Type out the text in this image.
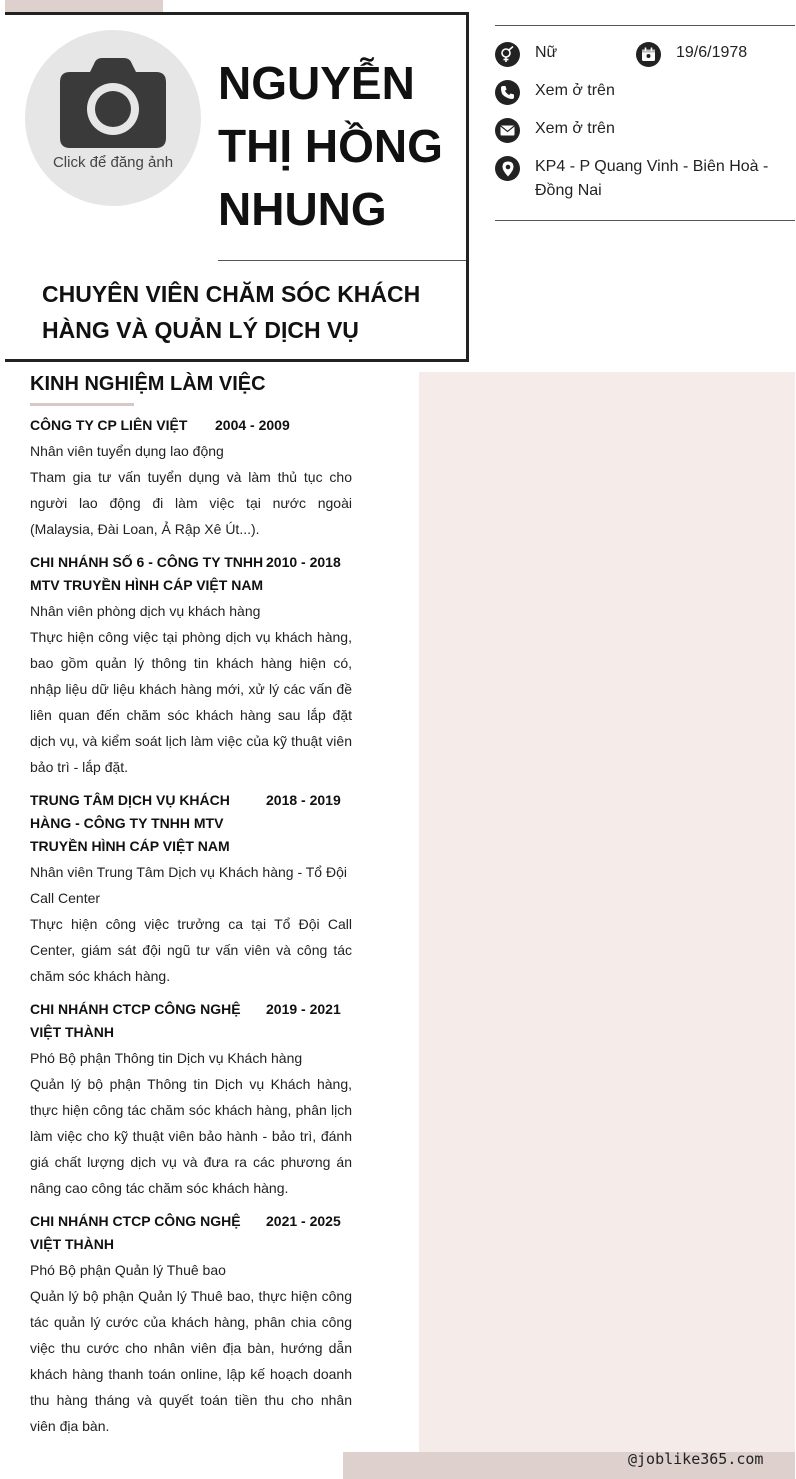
Click để đăng ảnh
NGUYỄN
THỊ HỒNG
NHUNG
CHUYÊN VIÊN CHĂM SÓC KHÁCH
HÀNG VÀ QUẢN LÝ DỊCH VỤ
Nữ	19/6/1978
Xem ở trên
Xem ở trên
KP4 - P Quang Vinh - Biên Hoà -
Đồng Nai
KINH NGHIỆM LÀM VIỆC
CÔNG TY CP LIÊN VIỆT	2004 - 2009
Nhân viên tuyển dụng lao động
Tham gia tư vấn tuyển dụng và làm thủ tục cho người lao động đi làm việc tại nước ngoài (Malaysia, Đài Loan, Ả Rập Xê Út...).
CHI NHÁNH SỐ 6 - CÔNG TY TNHH
MTV TRUYỀN HÌNH CÁP VIỆT NAM
2010 - 2018
Nhân viên phòng dịch vụ khách hàng
Thực hiện công việc tại phòng dịch vụ khách hàng, bao gồm quản lý thông tin khách hàng hiện có, nhập liệu dữ liệu khách hàng mới, xử lý các vấn đề liên quan đến chăm sóc khách hàng sau lắp đặt dịch vụ, và kiểm soát lịch làm việc của kỹ thuật viên bảo trì - lắp đặt.
TRUNG TÂM DỊCH VỤ KHÁCH
HÀNG - CÔNG TY TNHH MTV
TRUYỀN HÌNH CÁP VIỆT NAM
2018 - 2019
Nhân viên Trung Tâm Dịch vụ Khách hàng - Tổ Đội Call Center
Thực hiện công việc trưởng ca tại Tổ Đội Call Center, giám sát đội ngũ tư vấn viên và công tác chăm sóc khách hàng.
CHI NHÁNH CTCP CÔNG NGHỆ
VIỆT THÀNH
2019 - 2021
Phó Bộ phận Thông tin Dịch vụ Khách hàng
Quản lý bộ phận Thông tin Dịch vụ Khách hàng, thực hiện công tác chăm sóc khách hàng, phân lịch làm việc cho kỹ thuật viên bảo hành - bảo trì, đánh giá chất lượng dịch vụ và đưa ra các phương án nâng cao công tác chăm sóc khách hàng.
CHI NHÁNH CTCP CÔNG NGHỆ
VIỆT THÀNH
2021 - 2025
Phó Bộ phận Quản lý Thuê bao
Quản lý bộ phận Quản lý Thuê bao, thực hiện công tác quản lý cước của khách hàng, phân chia công việc thu cước cho nhân viên địa bàn, hướng dẫn khách hàng thanh toán online, lập kế hoạch doanh thu hàng tháng và quyết toán tiền thu cho nhân viên địa bàn.
@joblike365.com
